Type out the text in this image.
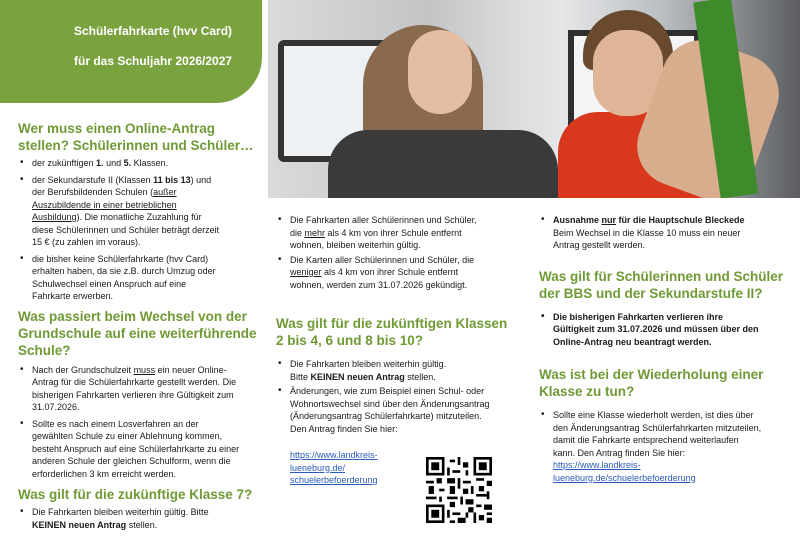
Schülerfahrkarte (hvv Card)
für das Schuljahr 2026/2027
Wer muss einen Online-Antrag
stellen? Schülerinnen und Schüler…
• der zukünftigen 1. und 5. Klassen.
• der Sekundarstufe II (Klassen 11 bis 13) und
der Berufsbildenden Schulen (außer
Auszubildende in einer betrieblichen
Ausbildung). Die monatliche Zuzahlung für
diese Schülerinnen und Schüler beträgt derzeit
15 € (zu zahlen im voraus).
• die bisher keine Schülerfahrkarte (hvv Card)
erhalten haben, da sie z.B. durch Umzug oder
Schulwechsel einen Anspruch auf eine
Fahrkarte erwerben.
Was passiert beim Wechsel von der
Grundschule auf eine weiterführende
Schule?
• Nach der Grundschulzeit muss ein neuer Online-
Antrag für die Schülerfahrkarte gestellt werden. Die
bisherigen Fahrkarten verlieren ihre Gültigkeit zum
31.07.2026.
• Sollte es nach einem Losverfahren an der
gewählten Schule zu einer Ablehnung kommen,
besteht Anspruch auf eine Schülerfahrkarte zu einer
anderen Schule der gleichen Schulform, wenn die
erforderlichen 3 km erreicht werden.
Was gilt für die zukünftige Klasse 7?
• Die Fahrkarten bleiben weiterhin gültig. Bitte
KEINEN neuen Antrag stellen.
• Die Fahrkarten aller Schülerinnen und Schüler,
die mehr als 4 km von ihrer Schule entfernt
wohnen, bleiben weiterhin gültig.
• Die Karten aller Schülerinnen und Schüler, die
weniger als 4 km von ihrer Schule entfernt
wohnen, werden zum 31.07.2026 gekündigt.
Was gilt für die zukünftigen Klassen
2 bis 4, 6 und 8 bis 10?
• Die Fahrkarten bleiben weiterhin gültig.
Bitte KEINEN neuen Antrag stellen.
• Änderungen, wie zum Beispiel einen Schul- oder
Wohnortswechsel sind über den Änderungsantrag
(Änderungsantrag Schülerfahrkarte) mitzuteilen.
Den Antrag finden Sie hier:
https://www.landkreis-
lueneburg.de/
schuelerbefoerderung
• Ausnahme nur für die Hauptschule Bleckede
Beim Wechsel in die Klasse 10 muss ein neuer
Antrag gestellt werden.
Was gilt für Schülerinnen und Schüler
der BBS und der Sekundarstufe II?
• Die bisherigen Fahrkarten verlieren ihre
Gültigkeit zum 31.07.2026 und müssen über den
Online-Antrag neu beantragt werden.
Was ist bei der Wiederholung einer
Klasse zu tun?
• Sollte eine Klasse wiederholt werden, ist dies über
den Änderungsantrag Schülerfahrkarten mitzuteilen,
damit die Fahrkarte entsprechend weiterlaufen
kann. Den Antrag finden Sie hier:
https://www.landkreis-
lueneburg.de/schuelerbefoerderung
